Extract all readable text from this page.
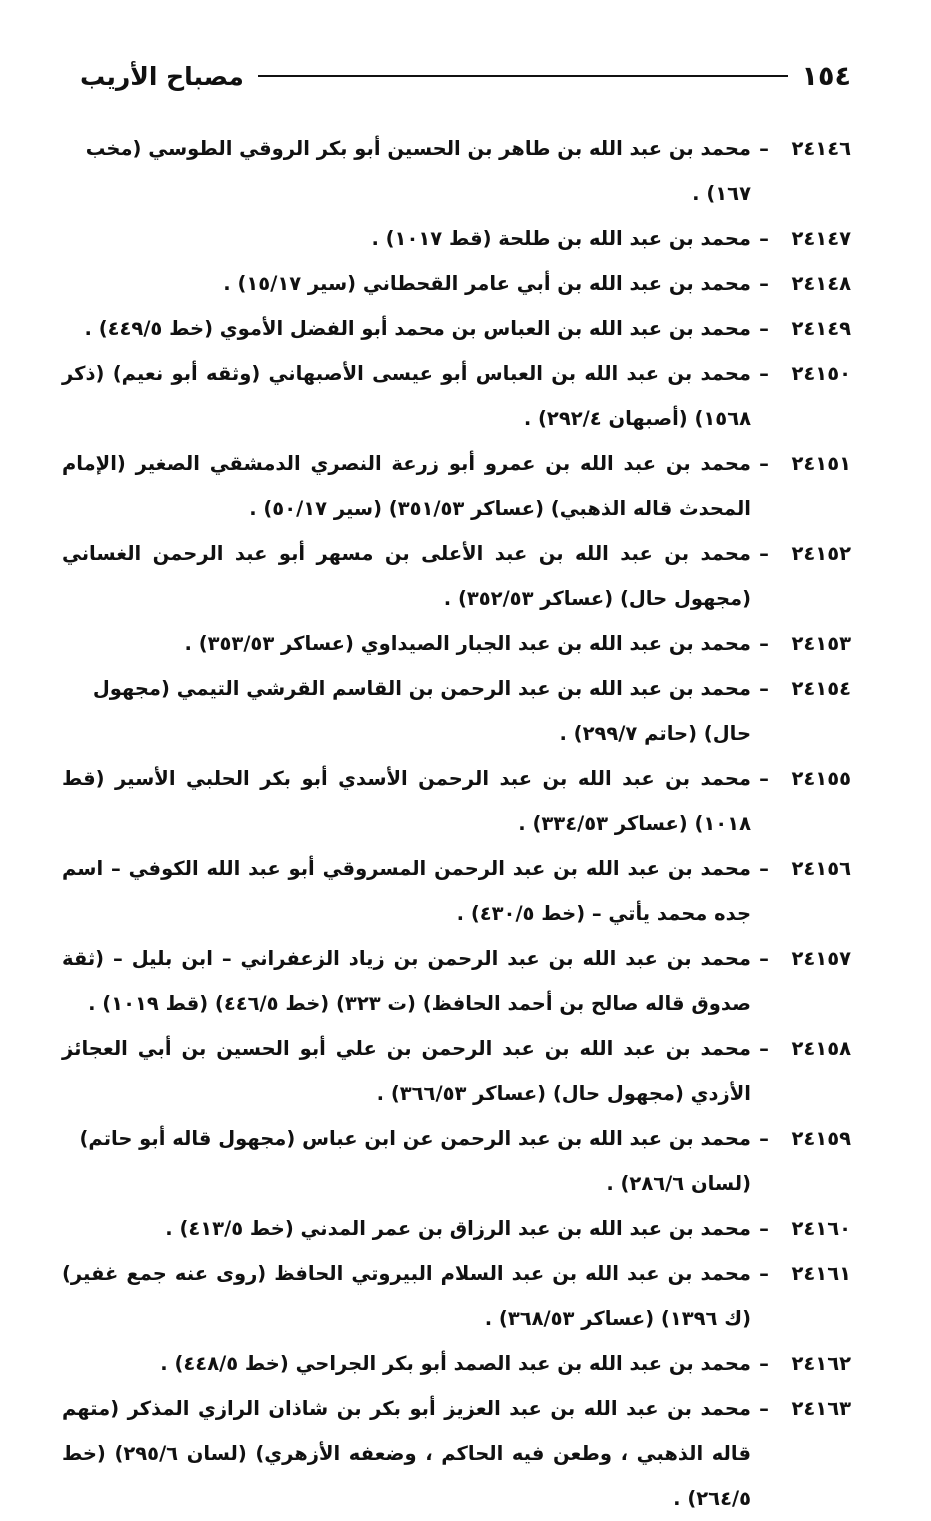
١٥٤
مصباح الأريب
٢٤١٤٦
–
محمد بن عبد الله بن طاهر بن الحسين أبو بكر الروقي الطوسي (مخب ١٦٧) .
٢٤١٤٧
–
محمد بن عبد الله بن طلحة (قط ١٠١٧) .
٢٤١٤٨
–
محمد بن عبد الله بن أبي عامر القحطاني (سير ١٥/١٧) .
٢٤١٤٩
–
محمد بن عبد الله بن العباس بن محمد أبو الفضل الأموي (خط ٤٤٩/٥) .
٢٤١٥٠
–
محمد بن عبد الله بن العباس أبو عيسى الأصبهاني (وثقه أبو نعيم) (ذكر ١٥٦٨) (أصبهان ٢٩٢/٤) .
٢٤١٥١
–
محمد بن عبد الله بن عمرو أبو زرعة النصري الدمشقي الصغير (الإمام المحدث قاله الذهبي) (عساكر ٣٥١/٥٣) (سير ٥٠/١٧) .
٢٤١٥٢
–
محمد بن عبد الله بن عبد الأعلى بن مسهر أبو عبد الرحمن الغساني (مجهول حال) (عساكر ٣٥٢/٥٣) .
٢٤١٥٣
–
محمد بن عبد الله بن عبد الجبار الصيداوي (عساكر ٣٥٣/٥٣) .
٢٤١٥٤
–
محمد بن عبد الله بن عبد الرحمن بن القاسم القرشي التيمي (مجهول حال) (حاتم ٢٩٩/٧) .
٢٤١٥٥
–
محمد بن عبد الله بن عبد الرحمن الأسدي أبو بكر الحلبي الأسير (قط ١٠١٨) (عساكر ٣٣٤/٥٣) .
٢٤١٥٦
–
محمد بن عبد الله بن عبد الرحمن المسروقي أبو عبد الله الكوفي – اسم جده محمد يأتي – (خط ٤٣٠/٥) .
٢٤١٥٧
–
محمد بن عبد الله بن عبد الرحمن بن زياد الزعفراني – ابن بليل – (ثقة صدوق قاله صالح بن أحمد الحافظ) (ت ٣٢٣) (خط ٤٤٦/٥) (قط ١٠١٩) .
٢٤١٥٨
–
محمد بن عبد الله بن عبد الرحمن بن علي أبو الحسين بن أبي العجائز الأزدي (مجهول حال) (عساكر ٣٦٦/٥٣) .
٢٤١٥٩
–
محمد بن عبد الله بن عبد الرحمن عن ابن عباس (مجهول قاله أبو حاتم) (لسان ٢٨٦/٦) .
٢٤١٦٠
–
محمد بن عبد الله بن عبد الرزاق بن عمر المدني (خط ٤١٣/٥) .
٢٤١٦١
–
محمد بن عبد الله بن عبد السلام البيروتي الحافظ (روى عنه جمع غفير) (ك ١٣٩٦) (عساكر ٣٦٨/٥٣) .
٢٤١٦٢
–
محمد بن عبد الله بن عبد الصمد أبو بكر الجراحي (خط ٤٤٨/٥) .
٢٤١٦٣
–
محمد بن عبد الله بن عبد العزيز أبو بكر بن شاذان الرازي المذكر (متهم قاله الذهبي ، وطعن فيه الحاكم ، وضعفه الأزهري) (لسان ٢٩٥/٦) (خط ٢٦٤/٥) .
